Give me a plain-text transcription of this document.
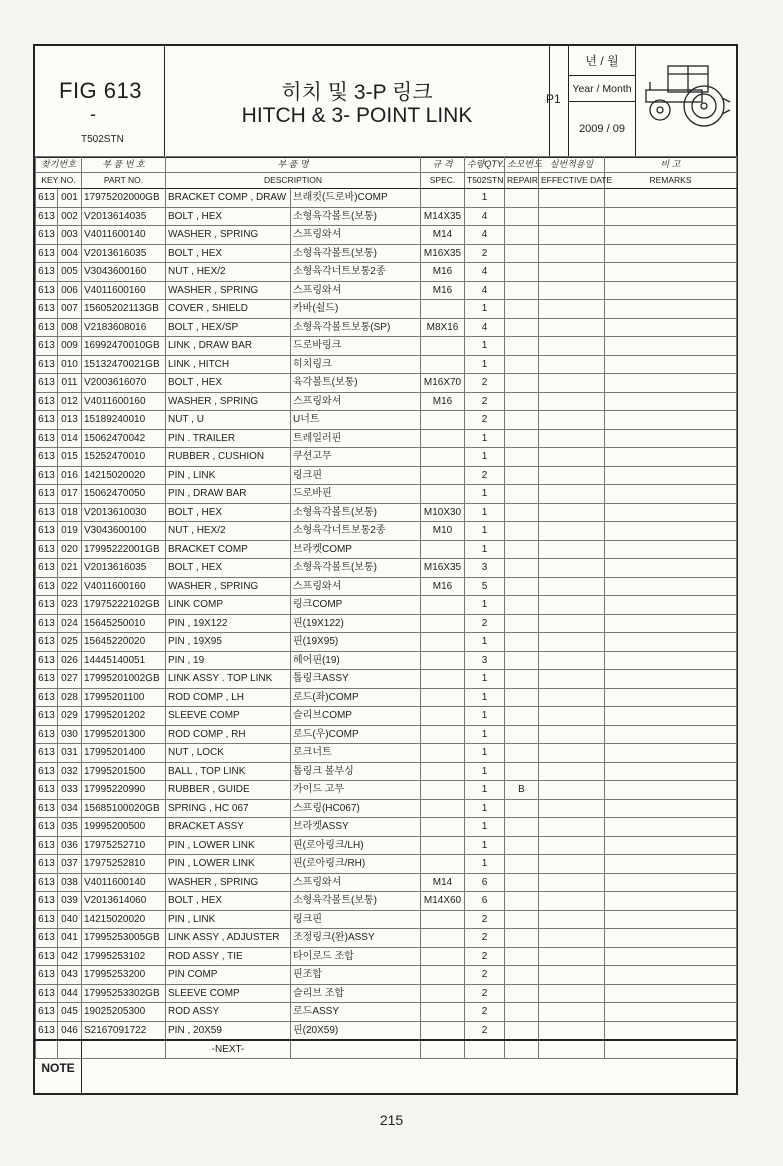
FIG 613
-
T502STN
히치 및 3-P 링크
HITCH & 3- POINT LINK
P1
년 / 월
Year / Month
2009 / 09
찾기번호		부 품 번 호	부 품 명		규 격	수량QTY.	소모번도	실번적용일	비 고
KEY NO.		PART NO.	DESCRIPTION		SPEC.	T502STN	REPAIR	EFFECTIVE DATE	REMARKS
613	001	17975202000GB	BRACKET COMP , DRAW	브래킷(드로바)COMP		1			
613	002	V2013614035	BOLT , HEX	소형육각볼트(보통)	M14X35	4			
613	003	V4011600140	WASHER , SPRING	스프링와셔	M14	4			
613	004	V2013616035	BOLT , HEX	소형육각볼트(보통)	M16X35	2			
613	005	V3043600160	NUT , HEX/2	소형육각너트보통2종	M16	4			
613	006	V4011600160	WASHER , SPRING	스프링와셔	M16	4			
613	007	15605202113GB	COVER , SHIELD	카바(쉴드)		1			
613	008	V2183608016	BOLT , HEX/SP	소형육각볼트보통(SP)	M8X16	4			
613	009	16992470010GB	LINK , DRAW BAR	드로바링크		1			
613	010	15132470021GB	LINK , HITCH	히치링크		1			
613	011	V2003616070	BOLT , HEX	육각볼트(보통)	M16X70	2			
613	012	V4011600160	WASHER , SPRING	스프링와셔	M16	2			
613	013	15189240010	NUT , U	U너트		2			
613	014	15062470042	PIN . TRAILER	트레일러핀		1			
613	015	15252470010	RUBBER , CUSHION	쿠션고무		1			
613	016	14215020020	PIN , LINK	링크핀		2			
613	017	15062470050	PIN , DRAW BAR	드로바핀		1			
613	018	V2013610030	BOLT , HEX	소형육각볼트(보통)	M10X30	1			
613	019	V3043600100	NUT , HEX/2	소형육각너트보통2종	M10	1			
613	020	17995222001GB	BRACKET COMP	브라켓COMP		1			
613	021	V2013616035	BOLT , HEX	소형육각볼트(보통)	M16X35	3			
613	022	V4011600160	WASHER , SPRING	스프링와셔	M16	5			
613	023	17975222102GB	LINK COMP	링크COMP		1			
613	024	15645250010	PIN , 19X122	핀(19X122)		2			
613	025	15645220020	PIN , 19X95	핀(19X95)		1			
613	026	14445140051	PIN , 19	헤어핀(19)		3			
613	027	17995201002GB	LINK ASSY . TOP LINK	톱링크ASSY		1			
613	028	17995201100	ROD COMP , LH	로드(좌)COMP		1			
613	029	17995201202	SLEEVE COMP	슬리브COMP		1			
613	030	17995201300	ROD COMP , RH	로드(우)COMP		1			
613	031	17995201400	NUT , LOCK	로크너트		1			
613	032	17995201500	BALL , TOP LINK	톱링크 볼부싱		1			
613	033	17995220990	RUBBER , GUIDE	가이드 고무		1	B		
613	034	15685100020GB	SPRING , HC 067	스프링(HC067)		1			
613	035	19995200500	BRACKET ASSY	브라켓ASSY		1			
613	036	17975252710	PIN , LOWER LINK	핀(로아링크/LH)		1			
613	037	17975252810	PIN , LOWER LINK	핀(로아링크/RH)		1			
613	038	V4011600140	WASHER , SPRING	스프링와셔	M14	6			
613	039	V2013614060	BOLT , HEX	소형육각볼트(보통)	M14X60	6			
613	040	14215020020	PIN , LINK	링크핀		2			
613	041	17995253005GB	LINK ASSY , ADJUSTER	조정링크(완)ASSY		2			
613	042	17995253102	ROD ASSY , TIE	타이로드 조합		2			
613	043	17995253200	PIN COMP	핀조합		2			
613	044	17995253302GB	SLEEVE COMP	슬리브 조합		2			
613	045	19025205300	ROD ASSY	로드ASSY		2			
613	046	S2167091722	PIN , 20X59	핀(20X59)		2			
			-NEXT-						
NOTE
215
